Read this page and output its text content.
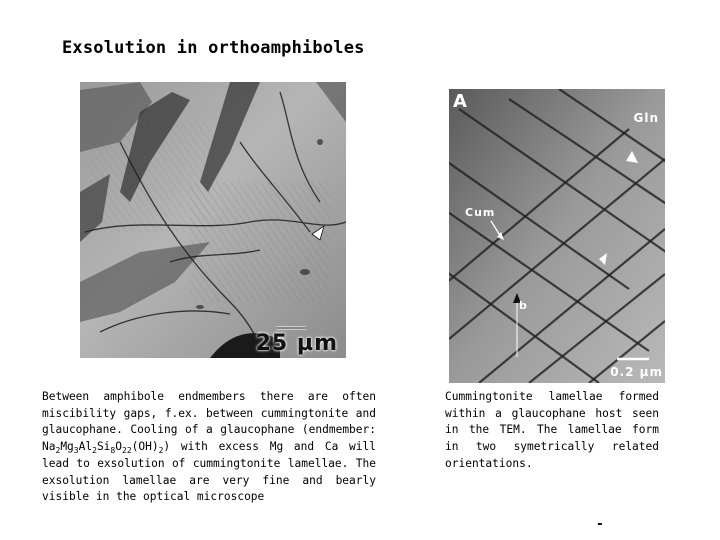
Exsolution in orthoamphiboles
25 µm
A
Gln
Cum
b
0.2 µm
Between amphibole endmembers there are often miscibility gaps, f.ex. between cummingtonite and glaucophane. Cooling of a glaucophane (endmember: $Na_2Mg_3Al_2Si_8O_{22}(OH)_2$) with excess Mg and Ca will lead to exsolution of cummingtonite lamellae. The exsolution lamellae are very fine and bearly visible in the optical microscope
Cummingtonite lamellae formed within a glaucophane host seen in the TEM. The lamellae form in two symetrically related orientations.
-
